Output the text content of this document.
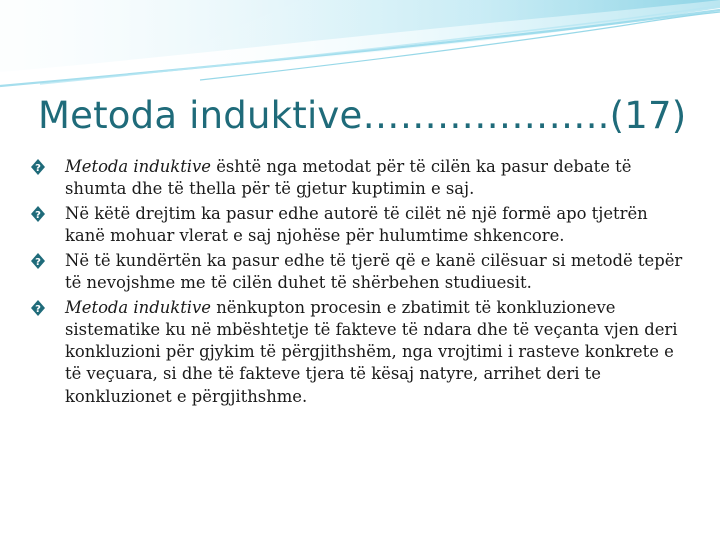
Metoda induktive………………..(17)

? Metoda induktive është nga metodat për të cilën ka pasur debate të shumta dhe të thella për të gjetur kuptimin e saj.

? Në këtë drejtim ka pasur edhe autorë të cilët në një formë apo tjetrën kanë mohuar vlerat e saj njohëse për hulumtime shkencore.

? Në të kundërtën ka pasur edhe të tjerë që e kanë cilësuar si metodë tepër të nevojshme me të cilën duhet të shërbehen studiuesit.

? Metoda induktive nënkupton procesin e zbatimit të konkluzioneve sistematike ku në mbështetje të fakteve të ndara dhe të veçanta vjen deri konkluzioni për gjykim të përgjithshëm, nga vrojtimi i rasteve konkrete e të veçuara, si dhe të fakteve tjera të kësaj natyre, arrihet deri te konkluzionet e përgjithshme.
